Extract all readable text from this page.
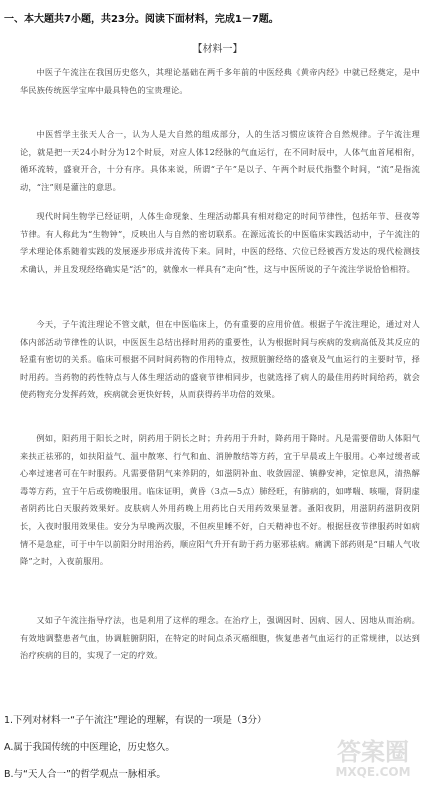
一、本大题共7小题，共23分。阅读下面材料，完成1－7题。
【材料一】

中医子午流注在我国历史悠久，其理论基础在两千多年前的中医经典《黄帝内经》中就已经奠定，是中华民族传统医学宝库中最具特色的宝贵理论。

中医哲学主张天人合一，认为人是大自然的组成部分，人的生活习惯应该符合自然规律。子午流注理论，就是把一天24小时分为12个时辰，对应人体12经脉的气血运行，在不同时辰中，人体气血首尾相衔，循环流转，盛衰开合，十分有序。具体来说，所谓“子午”是以子、午两个时辰代指整个时间，“流”是指流动，“注”则是灌注的意思。

现代时间生物学已经证明，人体生命现象、生理活动都具有相对稳定的时间节律性，包括年节、昼夜等节律。有人称此为“生物钟”，反映出人与自然的密切联系。在源远流长的中医临床实践活动中，子午流注的学术理论体系随着实践的发展逐步形成并流传下来。同时，中医的经络、穴位已经被西方发达的现代检测技术确认，并且发现经络确实是“活”的，就像水一样具有“走向”性，这与中医所说的子午流注学说恰恰相符。

今天，子午流注理论不管文献，但在中医临床上，仍有重要的应用价值。根据子午流注理论，通过对人体内部活动节律性的认识，中医医生总结出择时用药的重要性，认为根据时间与疾病的发病高低及其反应的轻重有密切的关系。临床可根据不同时间药物的作用特点，按照脏腑经络的盛衰及气血运行的主要时节，择时用药。当药物的药性特点与人体生理活动的盛衰节律相同步，也就选择了病人的最佳用药时间给药，就会使药物充分发挥药效，疾病就会更快好转，从而获得药半功倍的效果。

例如，阳药用于阳长之时，阴药用于阴长之时；升药用于升时，降药用于降时。凡是需要借助人体阳气来扶正祛邪的，如扶阳益气、温中散寒、行气和血、消肿散结等方药，宜于早晨或上午服用。心率过缓者或心率过速者可在午时服药。凡需要借阴气来养阴的，如滋阴补血、收敛固涩、镇静安神，定惊息风，清热解毒等方药，宜于午后或傍晚服用。临床证明，黄昏（3点—5点）肺经旺，有肺病的，如哮喘、咳喘，肾阴虚者阴药比白天服药效果好。皮肤病人外用药晚上用药比白天用药效果显著。蚤阳夜阴，用滋阴药滋阴夜阴长，入夜时服用效果佳。安分为早晚两次服，不但疾里睡不好，白天精神也不好。根据昼夜节律服药时如病情不是急症，可于中午以前阳分时用治药，顺应阳气升开有助于药力驱邪祛病。痛满下部药则是“日晡人气收降”之时，入夜前服用。

又如子午流注指导疗法，也是利用了这样的理念。在治疗上，强调因时、因病、因人、因地从而治病。有效地调整患者气血，协调脏腑阴阳，在特定的时间点杀灭癌细胞，恢复患者气血运行的正常规律，以达到治疗疾病的目的，实现了一定的疗效。

1.下列对材料一“子午流注”理论的理解，有误的一项是（3分）
A.属于我国传统的中医理论，历史悠久。
B.与“天人合一”的哲学观点一脉相承。
答案圈
MXQE.COM
